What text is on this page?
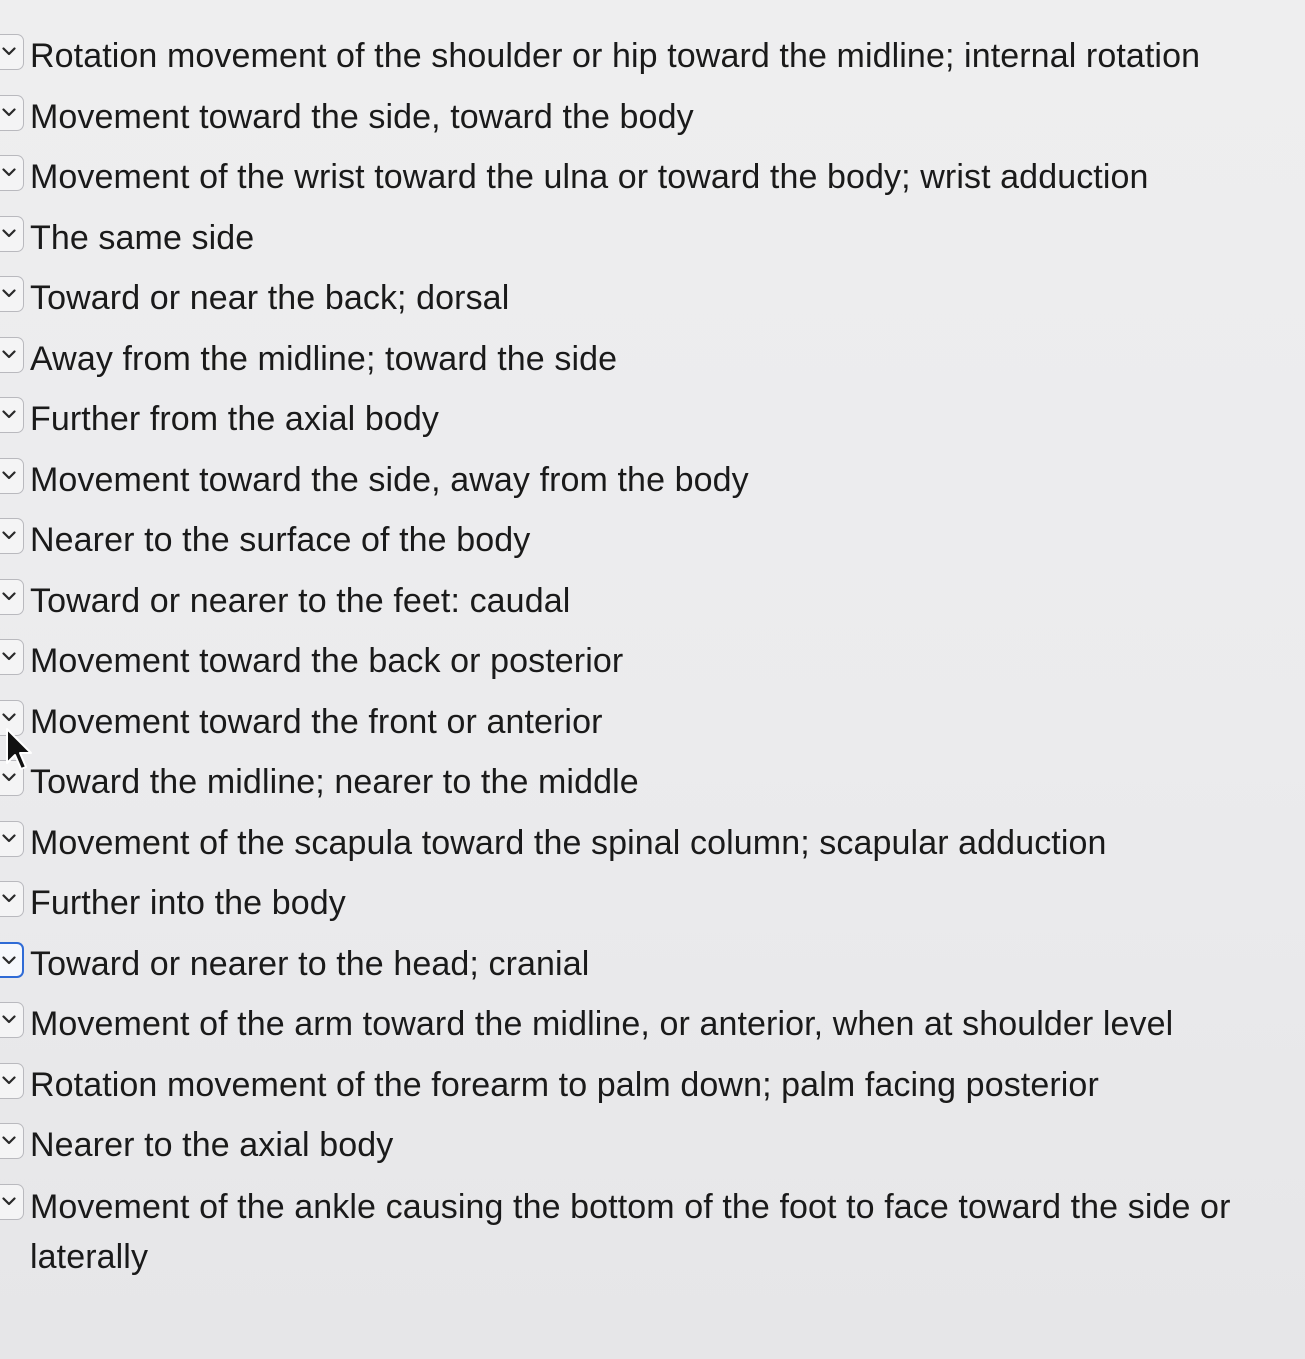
Rotation movement of the shoulder or hip toward the midline; internal rotation
Movement toward the side, toward the body
Movement of the wrist toward the ulna or toward the body; wrist adduction
The same side
Toward or near the back; dorsal
Away from the midline; toward the side
Further from the axial body
Movement toward the side, away from the body
Nearer to the surface of the body
Toward or nearer to the feet: caudal
Movement toward the back or posterior
Movement toward the front or anterior
Toward the midline; nearer to the middle
Movement of the scapula toward the spinal column; scapular adduction
Further into the body
Toward or nearer to the head; cranial
Movement of the arm toward the midline, or anterior, when at shoulder level
Rotation movement of the forearm to palm down; palm facing posterior
Nearer to the axial body
Movement of the ankle causing the bottom of the foot to face toward the side or laterally
